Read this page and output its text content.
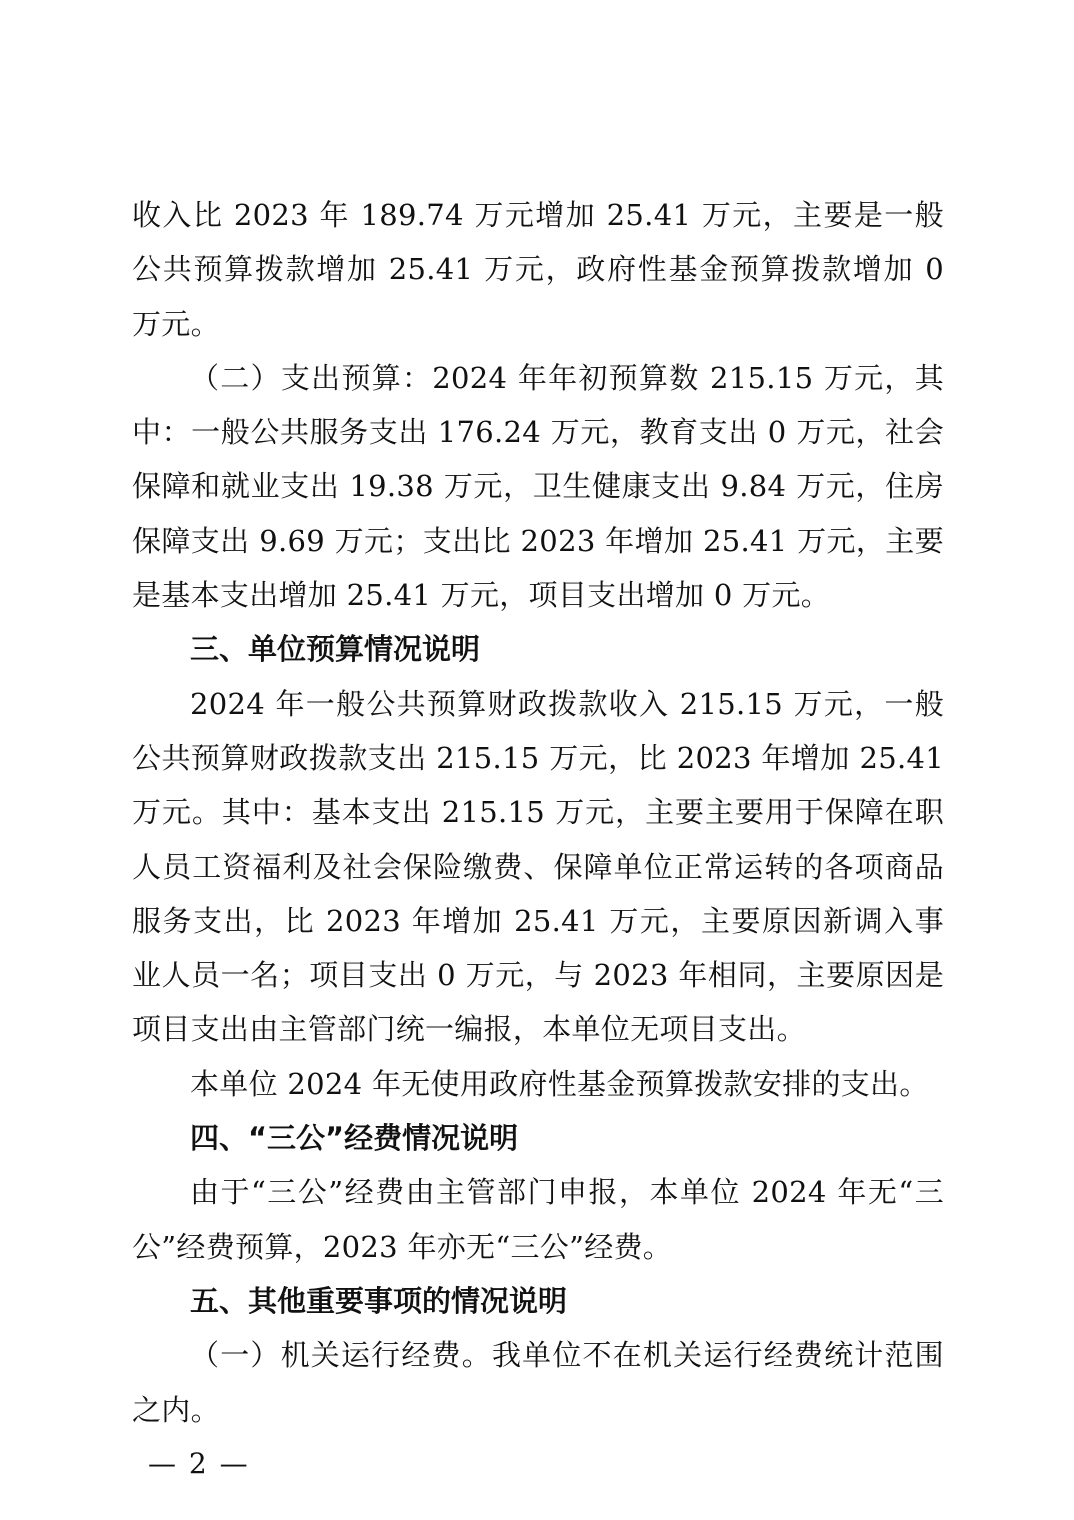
收入比 2023 年 189.74 万元增加 25.41 万元，主要是一般公共预算拨款增加 25.41 万元，政府性基金预算拨款增加 0 万元。

（二）支出预算：2024 年年初预算数 215.15 万元，其中：一般公共服务支出 176.24 万元，教育支出 0 万元，社会保障和就业支出 19.38 万元，卫生健康支出 9.84 万元，住房保障支出 9.69 万元；支出比 2023 年增加 25.41 万元，主要是基本支出增加 25.41 万元，项目支出增加 0 万元。

三、单位预算情况说明

2024 年一般公共预算财政拨款收入 215.15 万元，一般公共预算财政拨款支出 215.15 万元，比 2023 年增加 25.41 万元。其中：基本支出 215.15 万元，主要主要用于保障在职人员工资福利及社会保险缴费、保障单位正常运转的各项商品服务支出，比 2023 年增加 25.41 万元，主要原因新调入事业人员一名；项目支出 0 万元，与 2023 年相同，主要原因是项目支出由主管部门统一编报，本单位无项目支出。

本单位 2024 年无使用政府性基金预算拨款安排的支出。

四、“三公”经费情况说明

由于“三公”经费由主管部门申报，本单位 2024 年无“三公”经费预算，2023 年亦无“三公”经费。

五、其他重要事项的情况说明

（一）机关运行经费。我单位不在机关运行经费统计范围之内。

— 2 —
